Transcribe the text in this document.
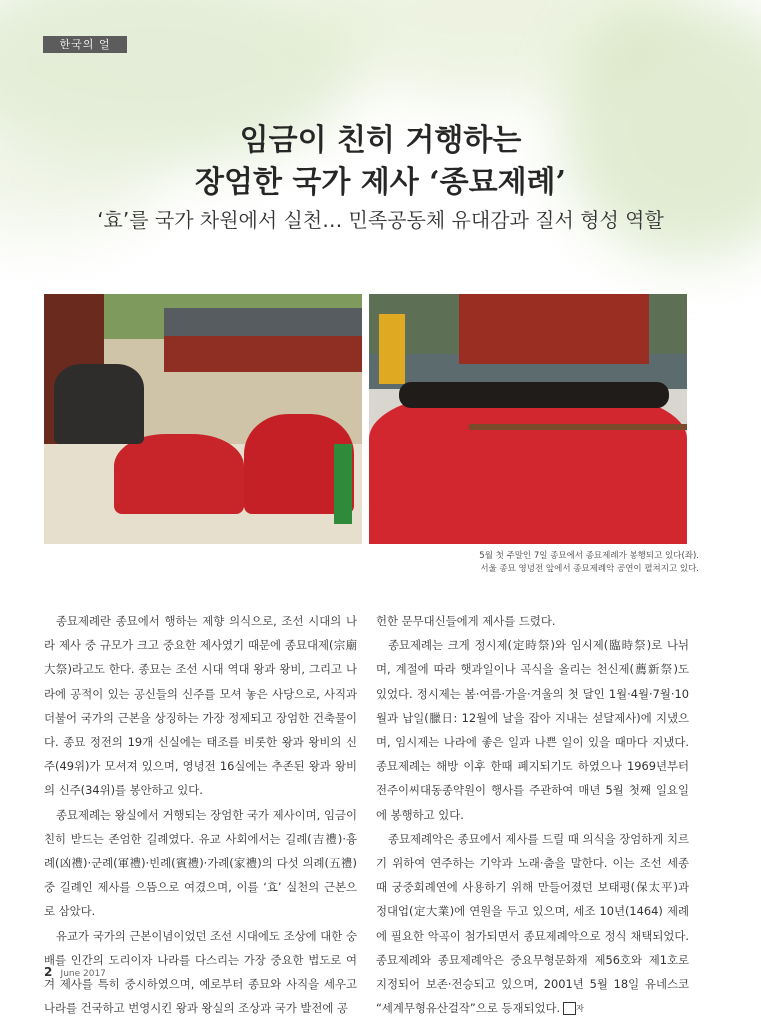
한국의 얼
임금이 친히 거행하는
장엄한 국가 제사 ‘종묘제례’
‘효’를 국가 차원에서 실천… 민족공동체 유대감과 질서 형성 역할
5월 첫 주말인 7일 종묘에서 종묘제례가 봉행되고 있다(좌).
서울 종묘 영녕전 앞에서 종묘제례악 공연이 펼쳐지고 있다.

종묘제례란 종묘에서 행하는 제향 의식으로, 조선 시대의 나라 제사 중 규모가 크고 중요한 제사였기 때문에 종묘대제(宗廟大祭)라고도 한다. 종묘는 조선 시대 역대 왕과 왕비, 그리고 나라에 공적이 있는 공신들의 신주를 모셔 놓은 사당으로, 사직과 더불어 국가의 근본을 상징하는 가장 정제되고 장엄한 건축물이다. 종묘 정전의 19개 신실에는 태조를 비롯한 왕과 왕비의 신주(49위)가 모셔져 있으며, 영녕전 16실에는 추존된 왕과 왕비의 신주(34위)를 봉안하고 있다.

종묘제례는 왕실에서 거행되는 장엄한 국가 제사이며, 임금이 친히 받드는 존엄한 길례였다. 유교 사회에서는 길례(吉禮)·흉례(凶禮)·군례(軍禮)·빈례(賓禮)·가례(家禮)의 다섯 의례(五禮) 중 길례인 제사를 으뜸으로 여겼으며, 이를 ‘효’ 실천의 근본으로 삼았다.

유교가 국가의 근본이념이었던 조선 시대에도 조상에 대한 숭배를 인간의 도리이자 나라를 다스리는 가장 중요한 법도로 여겨 제사를 특히 중시하였으며, 예로부터 종묘와 사직을 세우고 나라를 건국하고 번영시킨 왕과 왕실의 조상과 국가 발전에 공

헌한 문무대신들에게 제사를 드렸다.

종묘제례는 크게 정시제(定時祭)와 임시제(臨時祭)로 나뉘며, 계절에 따라 햇과일이나 곡식을 올리는 천신제(薦新祭)도 있었다. 정시제는 봄·여름·가을·겨울의 첫 달인 1월·4월·7월·10월과 납일(臘日: 12월에 날을 잡아 지내는 섣달제사)에 지냈으며, 임시제는 나라에 좋은 일과 나쁜 일이 있을 때마다 지냈다. 종묘제례는 해방 이후 한때 폐지되기도 하였으나 1969년부터 전주이씨대동종약원이 행사를 주관하여 매년 5월 첫째 일요일에 봉행하고 있다.

종묘제례악은 종묘에서 제사를 드릴 때 의식을 장엄하게 치르기 위하여 연주하는 기악과 노래·춤을 말한다. 이는 조선 세종 때 궁중회례연에 사용하기 위해 만들어졌던 보태평(保太平)과 정대업(定大業)에 연원을 두고 있으며, 세조 10년(1464) 제례에 필요한 악곡이 첨가되면서 종묘제례악으로 정식 채택되었다. 종묘제례와 종묘제례악은 중요무형문화재 제56호와 제1호로 지정되어 보존·전승되고 있으며, 2001년 5월 18일 유네스코 “세계무형유산걸작”으로 등재되었다. 자

2 June 2017
